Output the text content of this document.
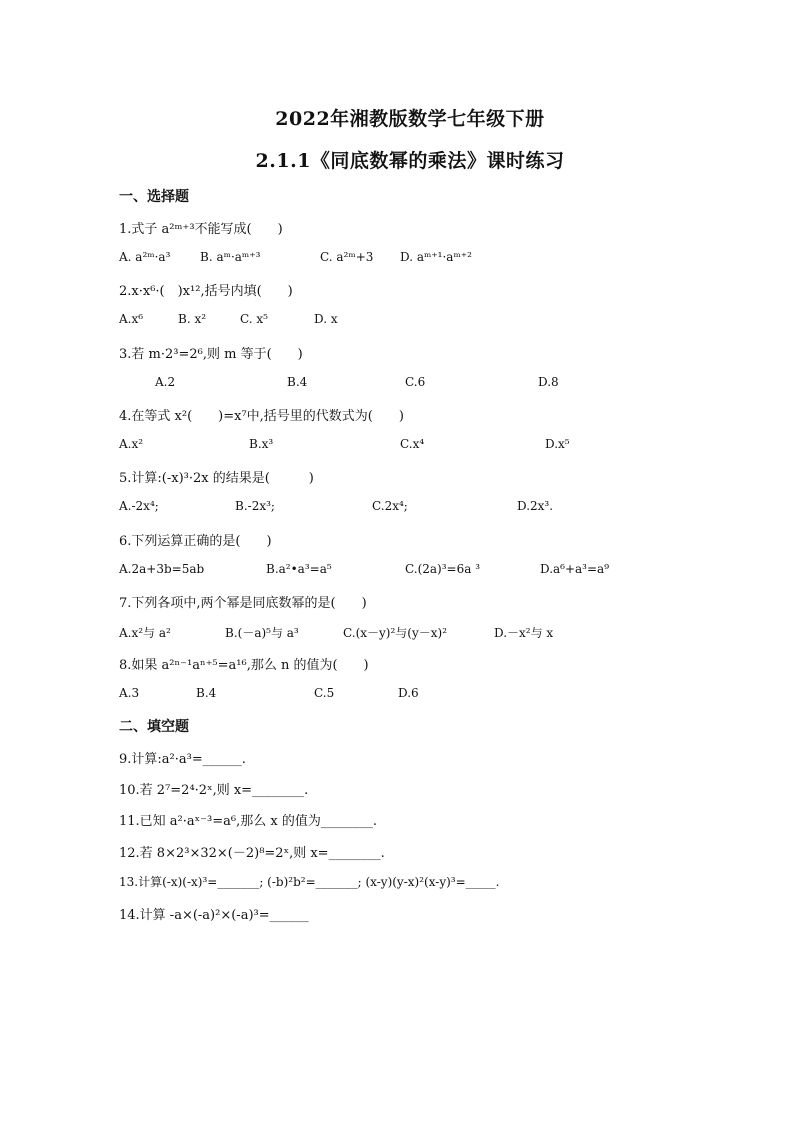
2022年湘教版数学七年级下册
2.1.1《同底数幂的乘法》课时练习
一、选择题
1.式子 a²ᵐ⁺³不能写成(　　)
A. a²ᵐ·a³ B. aᵐ·aᵐ⁺³	C. a²ᵐ+3 D. aᵐ⁺¹·aᵐ⁺²
2.x·x⁶·(　)x¹²,括号内填(　　)
A.x⁶	B. x²	C. x⁵	D. x
3.若 m·2³=2⁶,则 m 等于(　　)
A.2	B.4	C.6	D.8
4.在等式 x²(　　)=x⁷中,括号里的代数式为(　　)
A.x²	B.x³	C.x⁴	D.x⁵
5.计算:(-x)³·2x 的结果是(　　　)
A.-2x⁴;	B.-2x³;	C.2x⁴;	D.2x³.
6.下列运算正确的是(　　)
A.2a+3b=5ab	B.a²•a³=a⁵	C.(2a)³=6a ³	D.a⁶+a³=a⁹
7.下列各项中,两个幂是同底数幂的是(　　)
A.x²与 a²	B.(－a)⁵与 a³	C.(x－y)²与(y－x)²	D.－x²与 x
8.如果 a²ⁿ⁻¹aⁿ⁺⁵=a¹⁶,那么 n 的值为(　　)
A.3	B.4	C.5	D.6
二、填空题
9.计算:a²·a³=______.
10.若 2⁷=2⁴·2ˣ,则 x=________.
11.已知 a²·aˣ⁻³=a⁶,那么 x 的值为________.
12.若 8×2³×32×(－2)⁸=2ˣ,则 x=________.
13.计算(-x)(-x)³=_______; (-b)²b²=_______; (x-y)(y-x)²(x-y)³=_____.
14.计算 -a×(-a)²×(-a)³=______
